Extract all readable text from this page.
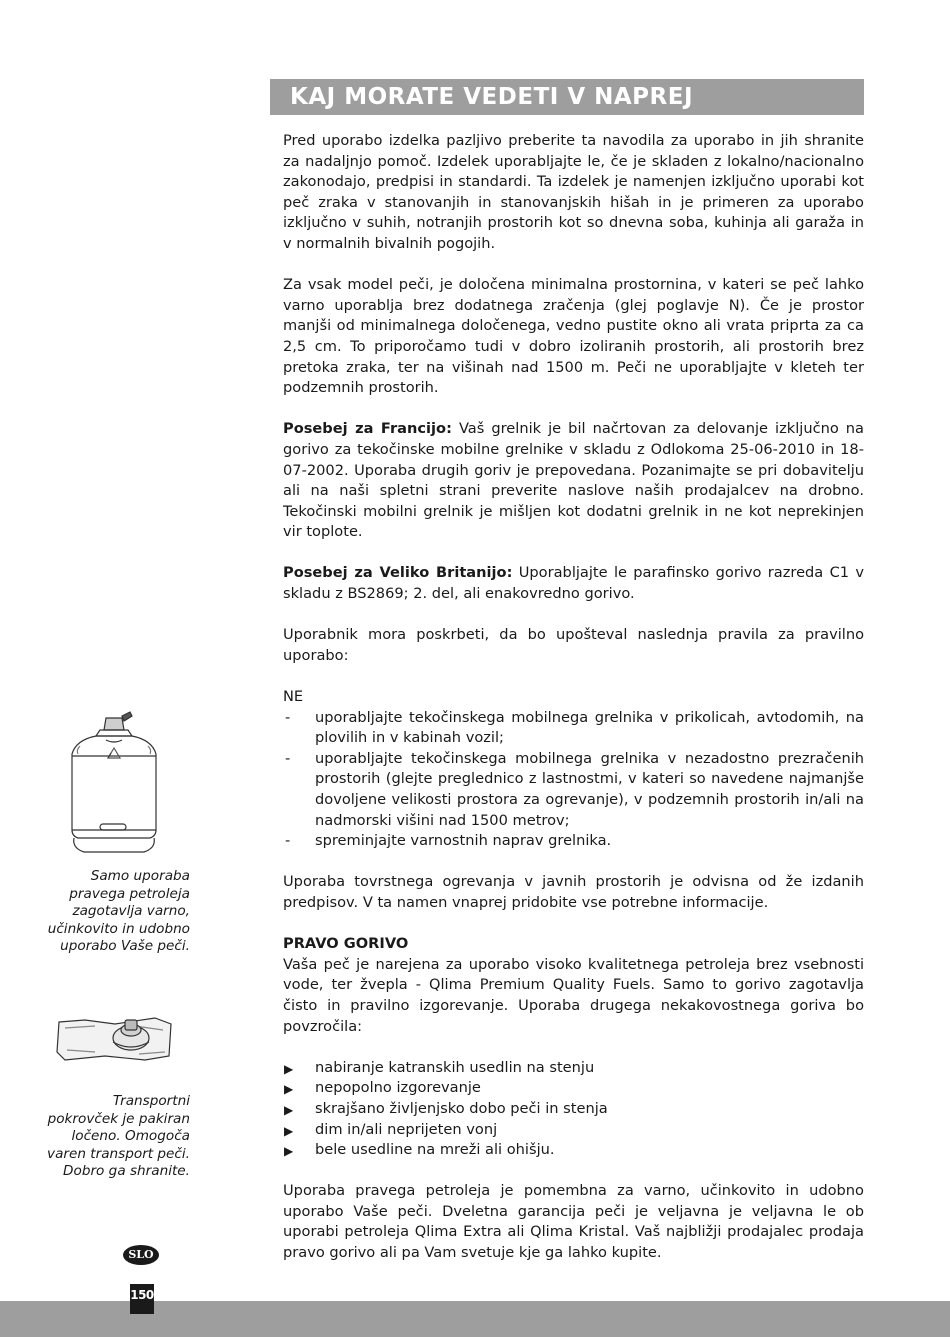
KAJ MORATE VEDETI V NAPREJ

Pred uporabo izdelka pazljivo preberite ta navodila za uporabo in jih shranite za nadaljnjo pomoč. Izdelek uporabljajte le, če je skladen z lokalno/nacionalno zakonodajo, predpisi in standardi. Ta izdelek je namenjen izključno uporabi kot peč zraka v stanovanjih in stanovanjskih hišah in je primeren za uporabo izključno v suhih, notranjih prostorih kot so dnevna soba, kuhinja ali garaža in v normalnih bivalnih pogojih.

Za vsak model peči, je določena minimalna prostornina, v kateri se peč lahko varno uporablja brez dodatnega zračenja (glej poglavje N). Če je prostor manjši od minimalnega določenega, vedno pustite okno ali vrata priprta za ca 2,5 cm. To priporočamo tudi v dobro izoliranih prostorih, ali prostorih brez pretoka zraka, ter na višinah nad 1500 m. Peči ne uporabljajte v kleteh ter podzemnih prostorih.

Posebej za Francijo: Vaš grelnik je bil načrtovan za delovanje izključno na gorivo za tekočinske mobilne grelnike v skladu z Odlokoma 25-06-2010 in 18-07-2002. Uporaba drugih goriv je prepovedana. Pozanimajte se pri dobavitelju ali na naši spletni strani preverite naslove naših prodajalcev na drobno. Tekočinski mobilni grelnik je mišljen kot dodatni grelnik in ne kot neprekinjen vir toplote.

Posebej za Veliko Britanijo: Uporabljajte le parafinsko gorivo razreda C1 v skladu z BS2869; 2. del, ali enakovredno gorivo.

Uporabnik mora poskrbeti, da bo upošteval naslednja pravila za pravilno uporabo:

NE
- uporabljajte tekočinskega mobilnega grelnika v prikolicah, avtodomih, na plovilih in v kabinah vozil;
- uporabljajte tekočinskega mobilnega grelnika v nezadostno prezračenih prostorih (glejte preglednico z lastnostmi, v kateri so navedene najmanjše dovoljene velikosti prostora za ogrevanje), v podzemnih prostorih in/ali na nadmorski višini nad 1500 metrov;
- spreminjajte varnostnih naprav grelnika.

Uporaba tovrstnega ogrevanja v javnih prostorih je odvisna od že izdanih predpisov. V ta namen vnaprej pridobite vse potrebne informacije.

PRAVO GORIVO

Vaša peč je narejena za uporabo visoko kvalitetnega petroleja brez vsebnosti vode, ter žvepla - Qlima Premium Quality Fuels. Samo to gorivo zagotavlja čisto in pravilno izgorevanje. Uporaba drugega nekakovostnega goriva bo povzročila:

▶ nabiranje katranskih usedlin na stenju
▶ nepopolno izgorevanje
▶ skrajšano življenjsko dobo peči in stenja
▶ dim in/ali neprijeten vonj
▶ bele usedline na mreži ali ohišju.

Uporaba pravega petroleja je pomembna za varno, učinkovito in udobno uporabo Vaše peči. Dveletna garancija peči je veljavna je veljavna le ob uporabi petroleja Qlima Extra ali Qlima Kristal. Vaš najbližji prodajalec prodaja pravo gorivo ali pa Vam svetuje kje ga lahko kupite.

Samo uporaba pravega petroleja zagotavlja varno, učinkovito in udobno uporabo Vaše peči.
Transportni pokrovček je pakiran ločeno. Omogoča varen transport peči. Dobro ga shranite.
SLO
150
